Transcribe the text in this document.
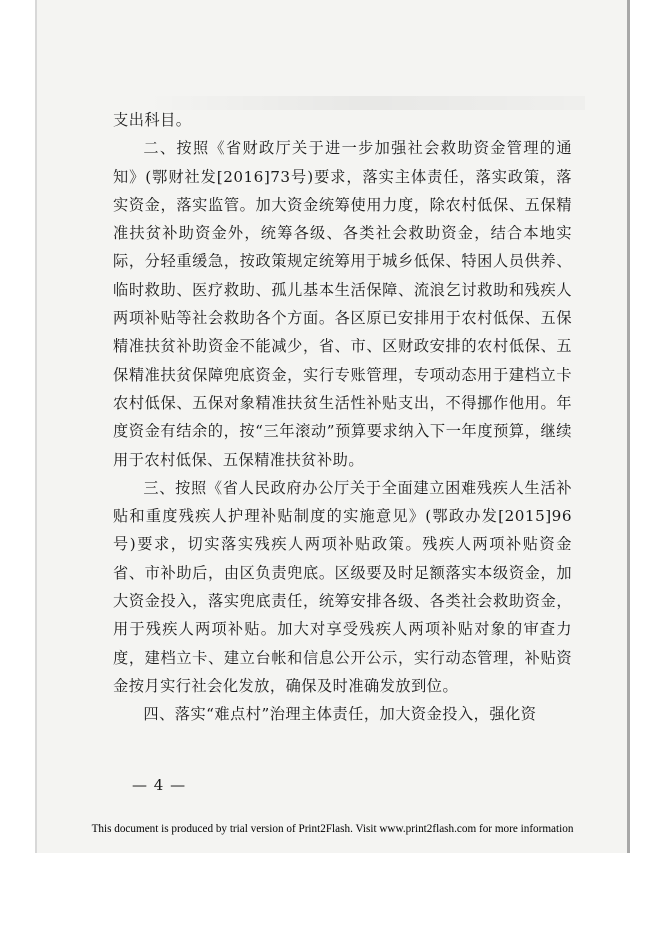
支出科目。

二、按照《省财政厅关于进一步加强社会救助资金管理的通知》(鄂财社发[2016]73号)要求，落实主体责任，落实政策，落实资金，落实监管。加大资金统筹使用力度，除农村低保、五保精准扶贫补助资金外，统筹各级、各类社会救助资金，结合本地实际，分轻重缓急，按政策规定统筹用于城乡低保、特困人员供养、临时救助、医疗救助、孤儿基本生活保障、流浪乞讨救助和残疾人两项补贴等社会救助各个方面。各区原已安排用于农村低保、五保精准扶贫补助资金不能减少，省、市、区财政安排的农村低保、五保精准扶贫保障兜底资金，实行专账管理，专项动态用于建档立卡农村低保、五保对象精准扶贫生活性补贴支出，不得挪作他用。年度资金有结余的，按“三年滚动”预算要求纳入下一年度预算，继续用于农村低保、五保精准扶贫补助。

三、按照《省人民政府办公厅关于全面建立困难残疾人生活补贴和重度残疾人护理补贴制度的实施意见》(鄂政办发[2015]96号)要求，切实落实残疾人两项补贴政策。残疾人两项补贴资金省、市补助后，由区负责兜底。区级要及时足额落实本级资金，加大资金投入，落实兜底责任，统筹安排各级、各类社会救助资金，用于残疾人两项补贴。加大对享受残疾人两项补贴对象的审查力度，建档立卡、建立台帐和信息公开公示，实行动态管理，补贴资金按月实行社会化发放，确保及时准确发放到位。

四、落实“难点村”治理主体责任，加大资金投入，强化资

— 4 —
This document is produced by trial version of Print2Flash. Visit www.print2flash.com for more information
